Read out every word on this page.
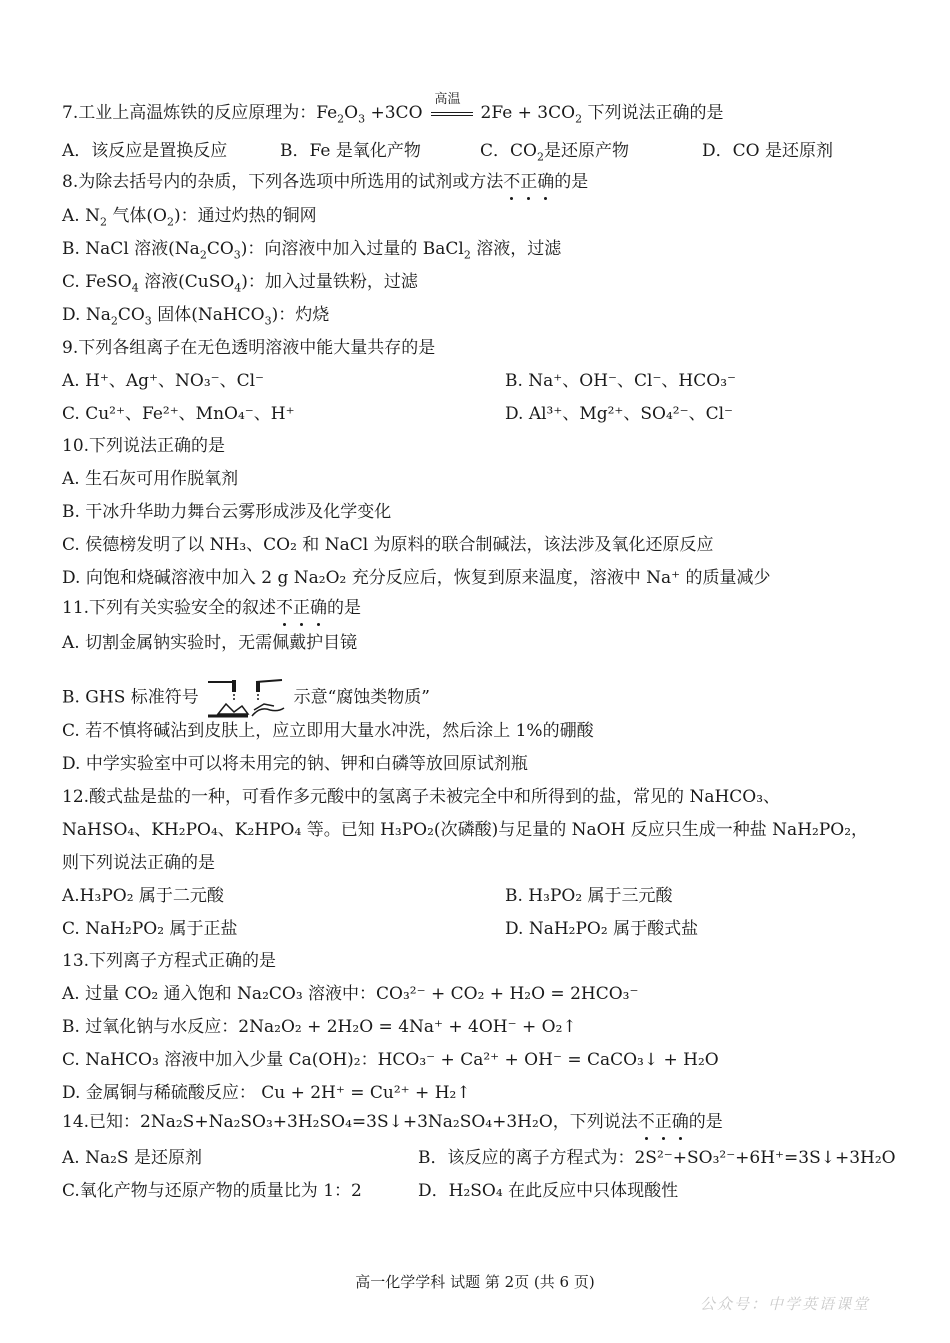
7.工业上高温炼铁的反应原理为：$Fe_2O_3 +3CO$
高温
$2Fe + 3CO_2$ 下列说法正确的是
A．该反应是置换反应	B．Fe 是氧化产物	C．$CO_2$是还原产物	D．CO 是还原剂
8.为除去括号内的杂质，下列各选项中所选用的试剂或方法不正确的是
A. $N_2$ 气体$(O_2)$：通过灼热的铜网
B. NaCl 溶液$(Na_2CO_3)$：向溶液中加入过量的 BaCl$_2$ 溶液，过滤
C. FeSO$_4$ 溶液(CuSO$_4$)：加入过量铁粉，过滤
D. $Na_2CO_3$ 固体(NaHCO$_3$)：灼烧
9.下列各组离子在无色透明溶液中能大量共存的是
A. H⁺、Ag⁺、NO₃⁻、Cl⁻	B. Na⁺、OH⁻、Cl⁻、HCO₃⁻
C. Cu²⁺、Fe²⁺、MnO₄⁻、H⁺	D. Al³⁺、Mg²⁺、SO₄²⁻、Cl⁻
10.下列说法正确的是
A. 生石灰可用作脱氧剂
B. 干冰升华助力舞台云雾形成涉及化学变化
C. 侯德榜发明了以 NH₃、CO₂ 和 NaCl 为原料的联合制碱法，该法涉及氧化还原反应
D. 向饱和烧碱溶液中加入 2 g Na₂O₂ 充分反应后，恢复到原来温度，溶液中 Na⁺ 的质量减少
11.下列有关实验安全的叙述不正确的是
A. 切割金属钠实验时，无需佩戴护目镜
B. GHS 标准符号	示意“腐蚀类物质”
C. 若不慎将碱沾到皮肤上，应立即用大量水冲洗，然后涂上 1%的硼酸
D. 中学实验室中可以将未用完的钠、钾和白磷等放回原试剂瓶
12.酸式盐是盐的一种，可看作多元酸中的氢离子未被完全中和所得到的盐，常见的 NaHCO₃、
NaHSO₄、KH₂PO₄、K₂HPO₄ 等。已知 H₃PO₂(次磷酸)与足量的 NaOH 反应只生成一种盐 NaH₂PO₂，
则下列说法正确的是
A.H₃PO₂ 属于二元酸	B. H₃PO₂ 属于三元酸
C. NaH₂PO₂ 属于正盐	D. NaH₂PO₂ 属于酸式盐
13.下列离子方程式正确的是
A. 过量 CO₂ 通入饱和 Na₂CO₃ 溶液中：CO₃²⁻ + CO₂ + H₂O = 2HCO₃⁻
B. 过氧化钠与水反应：2Na₂O₂ + 2H₂O = 4Na⁺ + 4OH⁻ + O₂↑
C. NaHCO₃ 溶液中加入少量 Ca(OH)₂：HCO₃⁻ + Ca²⁺ + OH⁻ = CaCO₃↓ + H₂O
D. 金属铜与稀硫酸反应： Cu + 2H⁺ = Cu²⁺ + H₂↑
14.已知：2Na₂S+Na₂SO₃+3H₂SO₄=3S↓+3Na₂SO₄+3H₂O，下列说法不正确的是
A. Na₂S 是还原剂	B．该反应的离子方程式为：2S²⁻+SO₃²⁻+6H⁺=3S↓+3H₂O
C.氧化产物与还原产物的质量比为 1：2	D．H₂SO₄ 在此反应中只体现酸性
高一化学学科 试题 第 2页 (共 6 页)
公众号：中学英语课堂
